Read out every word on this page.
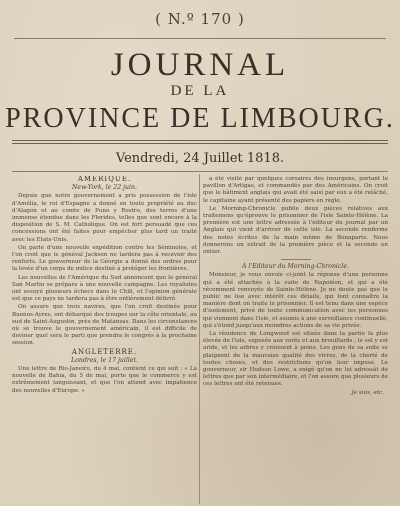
( N.º 170 )
JOURNAL
DE LA
PROVINCE DE LIMBOURG.
Vendredi, 24 Juillet 1818.
AMERIQUE.
New-York, le 22 juin.

Depuis que notre gouvernement a pris possession de l'isle d'Amélia, le roi d'Espagne a donné en toute propriété au duc d'Alagon et au comte de Puno y Rostro, des terres d'une immense étendue dans les Florides, telles que sont encore à la disposition de S. M. Catholique. On est fort persuadé que ces concessions ont été faites pour empêcher plus tard un traité avec les Etats-Unis.

On parle d'une nouvelle expédition contre les Séminoles, et l'on croit que le général Jackson ne tardera pas à recevoir des renforts. Le gouverneur de la Géorgie a donné des ordres pour la levée d'un corps de milice destiné à protéger les frontières.

Les nouvelles de l'Amérique du Sud annoncent que le général San Martin se prépare à une nouvelle campagne. Les royalistes ont essuyé plusieurs échecs dans le Chili, et l'opinion générale est que ce pays ne tardera pas à être entièrement délivré.

On assure que trois navires, que l'on croit destinés pour Buenos-Ayres, ont débarqué des troupes sur la côte orientale, au sud de Saint-Augustin, près de Matanzas. Dans les circonstances où se trouve le gouvernement américain, il est difficile de deviner quel sera le parti que prendra le congrès à la prochaine session.

ANGLETERRE.
Londres, le 17 juillet.

Une lettre de Rio-Janeiro, du 4 mai, contient ce qui suit : « La nouvelle de Bahia, du 5 de mai, porte que le commerce y est extrêmement languissant, et que l'on attend avec impatience des nouvelles d'Europe. »

a été visité par quelques corsaires des insurgens, portant le pavillon d'Artigas, et commandés par des Américains. On croit que le bâtiment anglais qui avait été saisi par eux a été relâché, le capitaine ayant présenté des papiers en règle.

Le Morning-Chronicle publie deux pièces relatives aux traitemens qu'éprouve le prisonnier de l'isle Sainte-Hélène. La première est une lettre adressée à l'éditeur du journal par un Anglais qui vient d'arriver de cette isle. La seconde renferme des notes écrites de la main même de Bonaparte. Nous donnerons un extrait de la première pièce et la seconde en entier.

A l'Editeur du Morning-Chronicle.

Monsieur, je vous envoie ci-joint la réponse d'une personne qui a été attachée à la suite de Napoléon, et qui a été récemment renvoyée de Sainte-Hélène. Je ne doute pas que le public ne lise avec intérêt ces détails, qui font connaître la manière dont on traite le prisonnier. Il est tenu dans une espèce d'isolement, privé de toute communication avec les personnes qui viennent dans l'isle, et soumis à une surveillance continuelle, qui s'étend jusqu'aux moindres actions de sa vie privée.

La résidence de Longwood est située dans la partie la plus élevée de l'isle, exposée aux vents et aux brouillards ; le sol y est aride, et les arbres y croissent à peine. Les gens de sa suite se plaignent de la mauvaise qualité des vivres, de la cherté de toutes choses, et des restrictions qu'on leur impose. Le gouverneur, sir Hudson Lowe, a exigé qu'on ne lui adressât de lettres que par son intermédiaire, et l'on assure que plusieurs de ces lettres ont été retenues.

Je suis, etc.
